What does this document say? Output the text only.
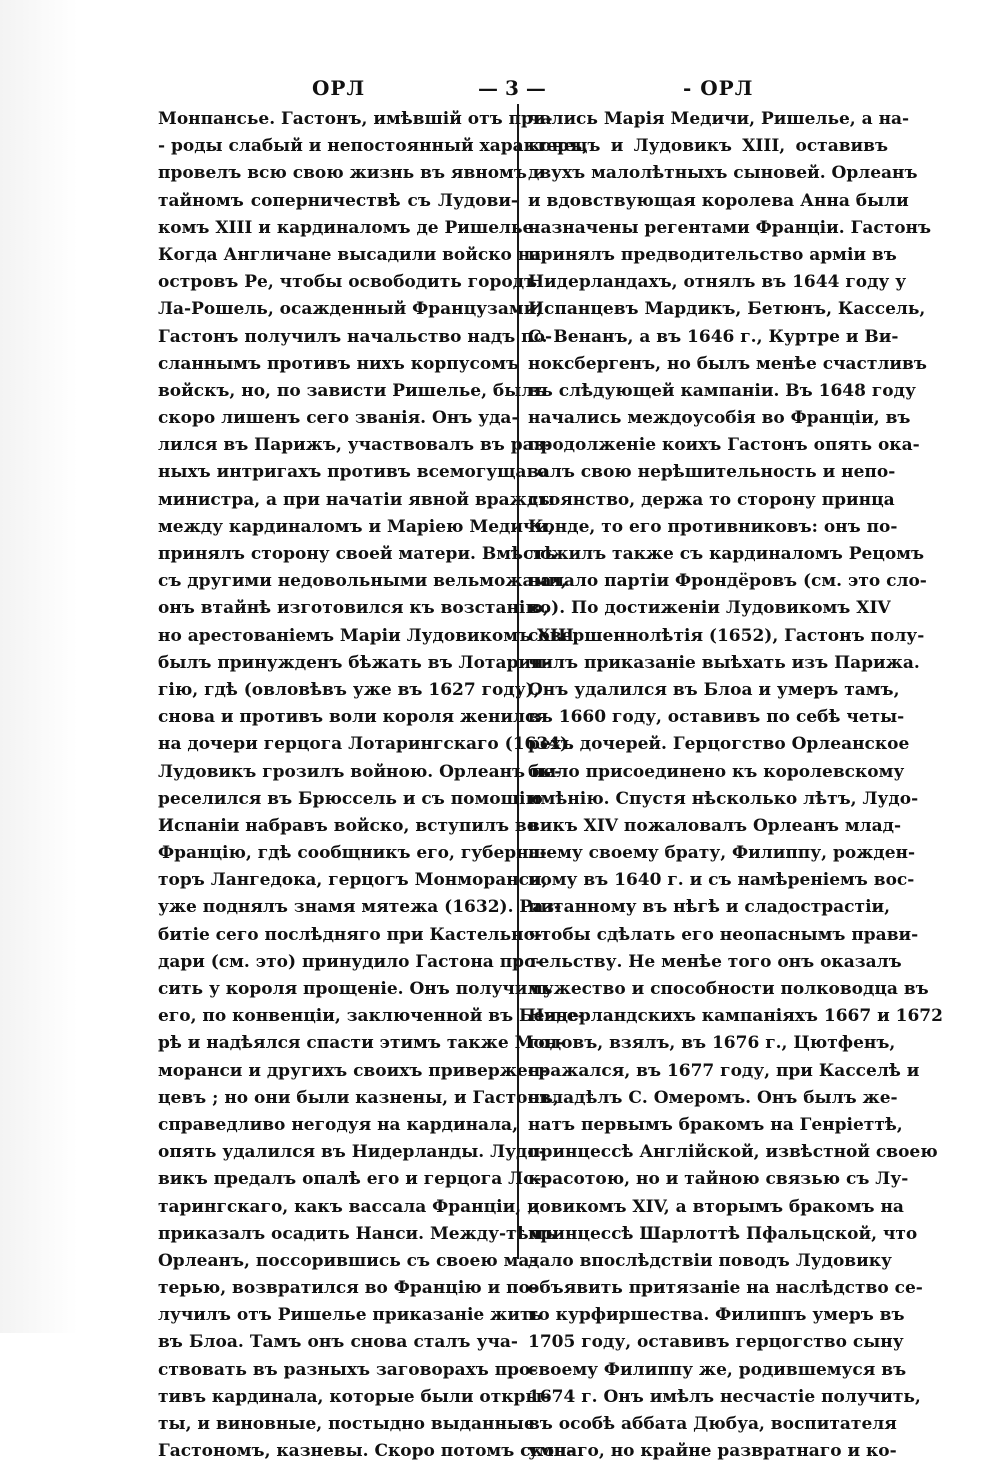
ОРЛ	— 3 —	- ОРЛ
Монпансье. Гастонъ, имѣвшій отъ при-
- роды слабый и непостоянный характеръ,
провелъ всю свою жизнь въ явномъ и
тайномъ соперничествѣ съ Лудови-
комъ XIII и кардиналомъ де Ришелье.
Когда Англичане высадили войско на
островъ Ре, чтобы освободить городъ
Ла-Рошель, осажденный Французами,
Гастонъ получилъ начальство надъ по-
сланнымъ противъ нихъ корпусомъ
войскъ, но, по зависти Ришелье, былъ
скоро лишенъ сего званія. Онъ уда-
лился въ Парижъ, участвовалъ въ раз-
ныхъ интригахъ противъ всемогущаго
министра, а при начатіи явной вражды
между кардиналомъ и Маріею Медичи,
принялъ сторону своей матери. Вмѣстѣ
съ другими недовольными вельможами,
онъ втайнѣ изготовился къ возстанію,
но арестованіемъ Маріи Лудовикомъ XIII
былъ принужденъ бѣжать въ Лотарин-
гію, гдѣ (овловѣвъ уже въ 1627 году),
снова и противъ воли короля женился
на дочери герцога Лотарингскаго (1634).
Лудовикъ грозилъ войною. Орлеанъ пе-
реселился въ Брюссель и съ помощію
Испаніи набравъ войско, вступилъ во
Францію, гдѣ сообщникъ его, губерна-
торъ Лангедока, герцогъ Монморанси,
уже поднялъ знамя мятежа (1632). Раз-
битіе сего послѣдняго при Кастельно-
дари (см. это) принудило Гастона про-
сить у короля прощеніе. Онъ получилъ
его, по конвенціи, заключенной въ Безье-
рѣ и надѣялся спасти этимъ также Мон-
моранси и другихъ своихъ привержен-
цевъ ; но они были казнены, и Гастонъ,
справедливо негодуя на кардинала,
опять удалился въ Нидерланды. Лудо-
викъ предалъ опалѣ его и герцога Ло-
тарингскаго, какъ вассала Франціи, и
приказалъ осадить Нанси. Между-тѣмъ
Орлеанъ, поссорившись съ своею ма-
терью, возвратился во Францію и по-
лучилъ отъ Ришелье приказаніе жить
въ Блоа. Тамъ онъ снова сталъ уча-
ствовать въ разныхъ заговорахъ про-
тивъ кардинала, которые были откры-
ты, и виновные, постыдно выданные
Гастономъ, казневы. Скоро потомъ скон-
чались Марія Медичи, Ришелье, а на-
конецъ и Лудовикъ XIII, оставивъ
двухъ малолѣтныхъ сыновей. Орлеанъ
и вдовствующая королева Анна были
назначены регентами Франціи. Гастонъ
принялъ предводительство арміи въ
Нидерландахъ, отнялъ въ 1644 году у
Испанцевъ Мардикъ, Бетюнъ, Кассель,
С. Венанъ, а въ 1646 г., Куртре и Ви-
ноксбергенъ, но былъ менѣе счастливъ
въ слѣдующей кампаніи. Въ 1648 году
начались междоусобія во Франціи, въ
продолженіе коихъ Гастонъ опять ока-
залъ свою нерѣшительность и непо-
стоянство, держа то сторону принца
Конде, то его противниковъ: онъ по-
ложилъ также съ кардиналомъ Рецомъ
начало партіи Фрондёровъ (см. это сло-
во). По достиженіи Лудовикомъ XIV
совершеннолѣтія (1652), Гастонъ полу-
чилъ приказаніе выѣхать изъ Парижа.
Онъ удалился въ Блоа и умеръ тамъ,
въ 1660 году, оставивъ по себѣ четы-
рехъ дочерей. Герцогство Орлеанское
было присоединено къ королевскому
имѣнію. Спустя нѣсколько лѣтъ, Лудо-
викъ XIV пожаловалъ Орлеанъ млад-
шему своему брату, Филиппу, рожден-
ному въ 1640 г. и съ намѣреніемъ вос-
питанному въ нѣгѣ и сладострастіи,
чтобы сдѣлать его неопаснымъ прави-
тельству. Не менѣе того онъ оказалъ
мужество и способности полководца въ
Нидерландскихъ кампаніяхъ 1667 и 1672
годовъ, взялъ, въ 1676 г., Цютфенъ,
сражался, въ 1677 году, при Касселѣ и
овладѣлъ С. Омеромъ. Онъ былъ же-
натъ первымъ бракомъ на Генріеттѣ,
принцессѣ Англійской, извѣстной своею
красотою, но и тайною связью съ Лу-
довикомъ XIV, а вторымъ бракомъ на
принцессѣ Шарлоттѣ Пфальцской, что
дало впослѣдствіи поводъ Лудовику
объявить притязаніе на наслѣдство се-
го курфиршества. Филиппъ умеръ въ
1705 году, оставивъ герцогство сыну
своему Филиппу же, родившемуся въ
1674 г. Онъ имѣлъ несчастіе получить,
въ особѣ аббата Дюбуа, воспитателя
умнаго, но крайне развратнаго и ко-
